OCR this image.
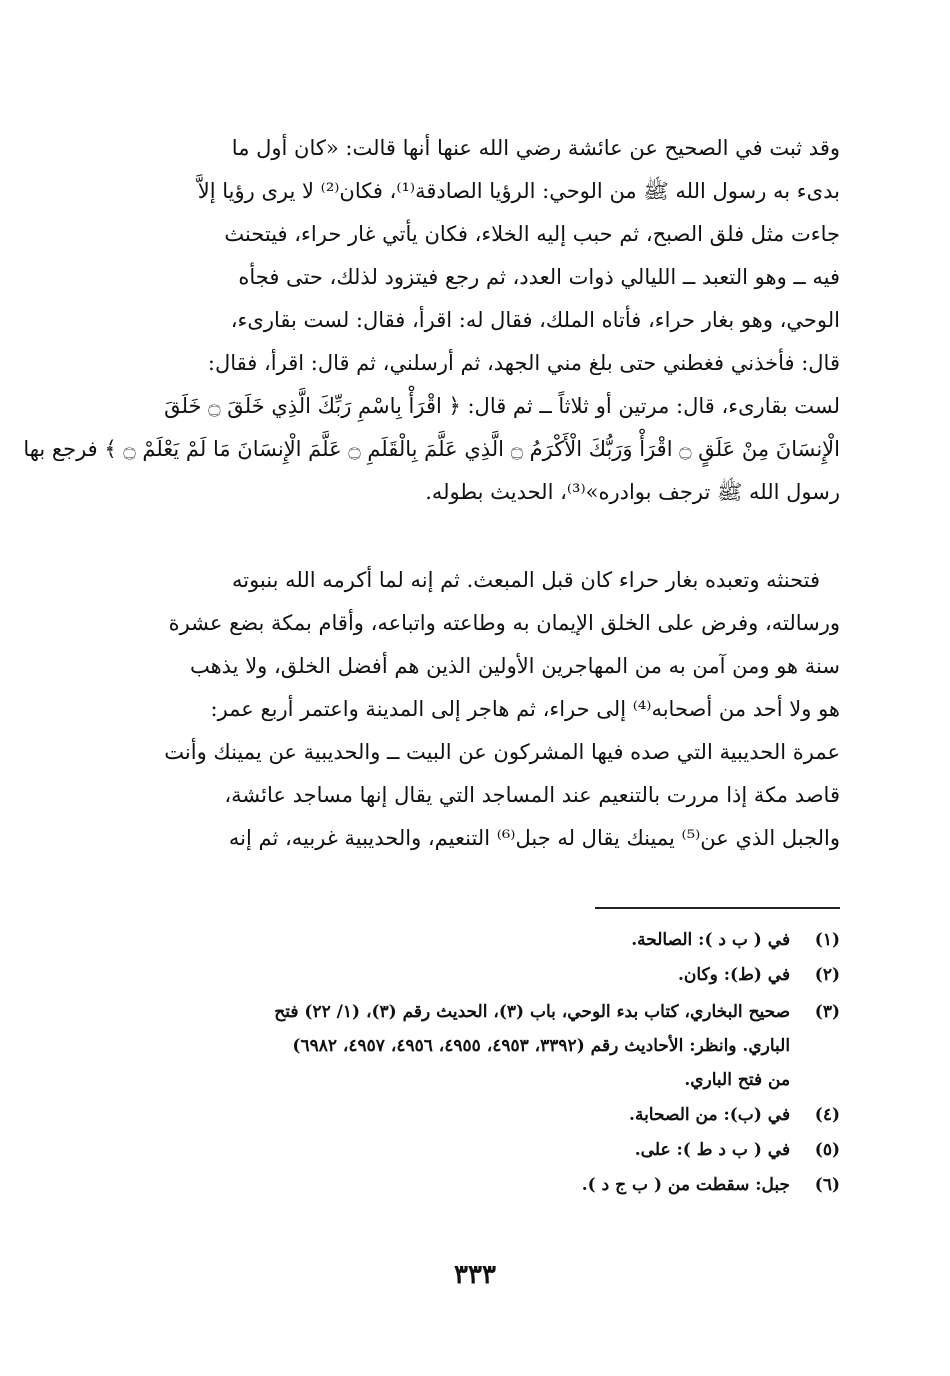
وقد ثبت في الصحيح عن عائشة رضي الله عنها أنها قالت: «كان أول ما
بدىء به رسول الله ﷺ من الوحي: الرؤيا الصادقة⁽¹⁾، فكان⁽²⁾ لا يرى رؤيا إلاَّ
جاءت مثل فلق الصبح، ثم حبب إليه الخلاء، فكان يأتي غار حراء، فيتحنث
فيه ــ وهو التعبد ــ الليالي ذوات العدد، ثم رجع فيتزود لذلك، حتى فجأه
الوحي، وهو بغار حراء، فأتاه الملك، فقال له: اقرأ، فقال: لست بقارىء،
قال: فأخذني فغطني حتى بلغ مني الجهد، ثم أرسلني، ثم قال: اقرأ، فقال:
لست بقارىء، قال: مرتين أو ثلاثاً ــ ثم قال: ﴿ اقْرَأْ بِاسْمِ رَبِّكَ الَّذِي خَلَقَ ۝ خَلَقَ
الْإِنسَانَ مِنْ عَلَقٍ ۝ اقْرَأْ وَرَبُّكَ الْأَكْرَمُ ۝ الَّذِي عَلَّمَ بِالْقَلَمِ ۝ عَلَّمَ الْإِنسَانَ مَا لَمْ يَعْلَمْ ۝ ﴾ فرجع بها
رسول الله ﷺ ترجف بوادره»⁽³⁾، الحديث بطوله.
فتحنثه وتعبده بغار حراء كان قبل المبعث. ثم إنه لما أكرمه الله بنبوته
ورسالته، وفرض على الخلق الإيمان به وطاعته واتباعه، وأقام بمكة بضع عشرة
سنة هو ومن آمن به من المهاجرين الأولين الذين هم أفضل الخلق، ولا يذهب
هو ولا أحد من أصحابه⁽⁴⁾ إلى حراء، ثم هاجر إلى المدينة واعتمر أربع عمر:
عمرة الحديبية التي صده فيها المشركون عن البيت ــ والحديبية عن يمينك وأنت
قاصد مكة إذا مررت بالتنعيم عند المساجد التي يقال إنها مساجد عائشة،
والجبل الذي عن⁽⁵⁾ يمينك يقال له جبل⁽⁶⁾ التنعيم، والحديبية غربيه، ثم إنه
(١) في ( ب د ): الصالحة.
(٢) في (ط): وكان.
(٣) صحيح البخاري، كتاب بدء الوحي، باب (٣)، الحديث رقم (٣)، (١/ ٢٢) فتح
الباري. وانظر: الأحاديث رقم (٣٣٩٢، ٤٩٥٣، ٤٩٥٥، ٤٩٥٦، ٤٩٥٧، ٦٩٨٢)
من فتح الباري.
(٤) في (ب): من الصحابة.
(٥) في ( ب د ط ): على.
(٦) جبل: سقطت من ( ب ج د ).
٣٣٣
